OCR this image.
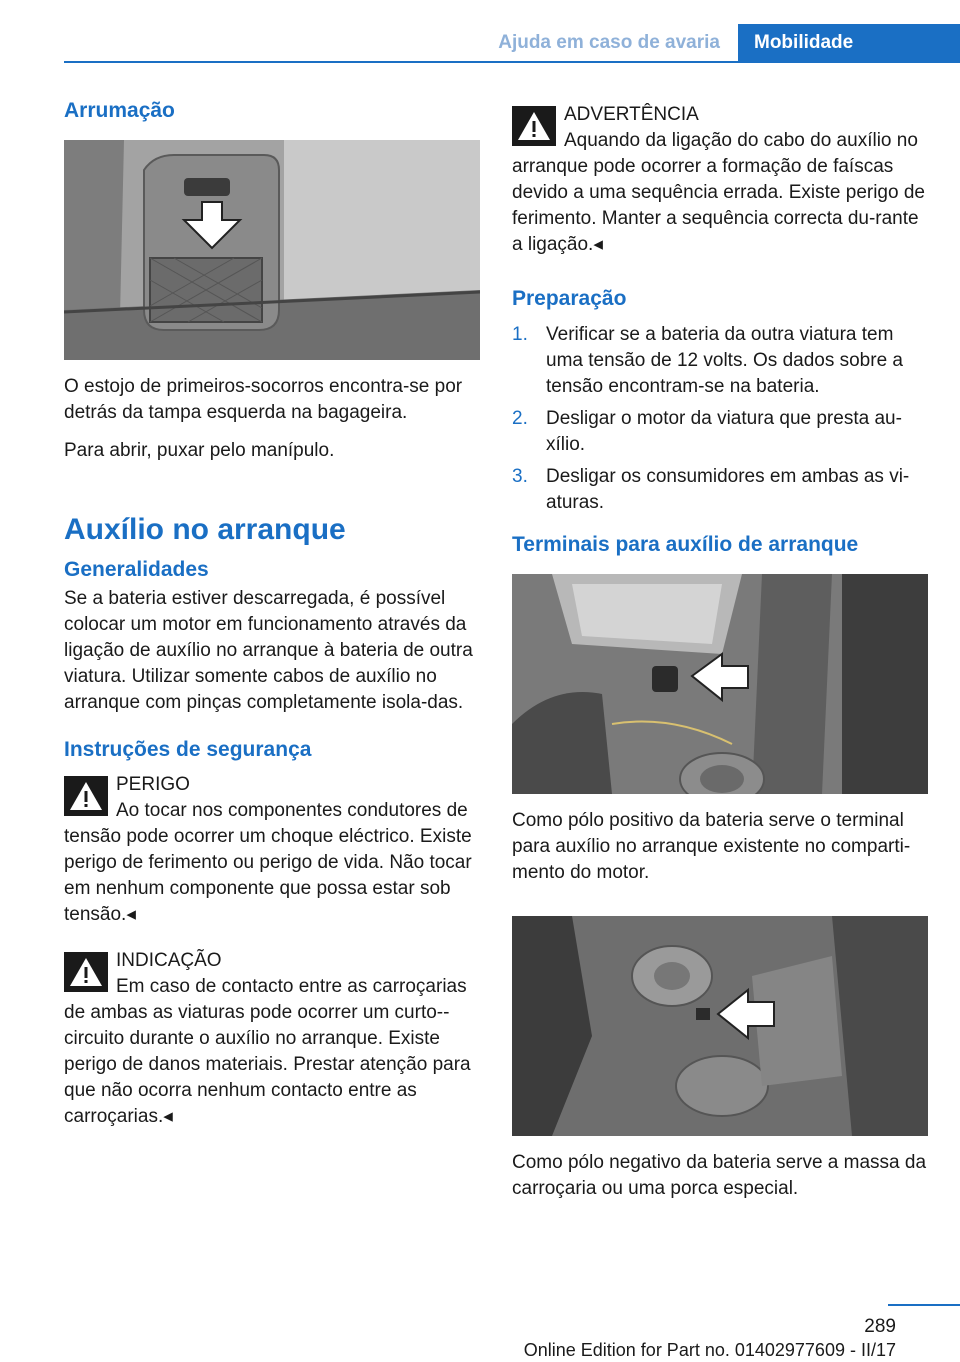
Ajuda em caso de avaria	Mobilidade
Arrumação

O estojo de primeiros-socorros encontra-se por detrás da tampa esquerda na bagageira.

Para abrir, puxar pelo manípulo.

Auxílio no arranque
Generalidades

Se a bateria estiver descarregada, é possível colocar um motor em funcionamento através da ligação de auxílio no arranque à bateria de outra viatura. Utilizar somente cabos de auxílio no arranque com pinças completamente isola-das.

Instruções de segurança

PERIGO

Ao tocar nos componentes condutores de tensão pode ocorrer um choque eléctrico. Existe perigo de ferimento ou perigo de vida. Não tocar em nenhum componente que possa estar sob tensão.◂

INDICAÇÃO

Em caso de contacto entre as carroçarias de ambas as viaturas pode ocorrer um curto--circuito durante o auxílio no arranque. Existe perigo de danos materiais. Prestar atenção para que não ocorra nenhum contacto entre as carroçarias.◂

ADVERTÊNCIA

Aquando da ligação do cabo do auxílio no arranque pode ocorrer a formação de faíscas devido a uma sequência errada. Existe perigo de ferimento. Manter a sequência correcta du-rante a ligação.◂

Preparação
1. Verificar se a bateria da outra viatura tem uma tensão de 12 volts. Os dados sobre a tensão encontram-se na bateria.
2. Desligar o motor da viatura que presta au-xílio.
3. Desligar os consumidores em ambas as vi-aturas.
Terminais para auxílio de arranque

Como pólo positivo da bateria serve o terminal para auxílio no arranque existente no comparti-mento do motor.

Como pólo negativo da bateria serve a massa da carroçaria ou uma porca especial.

289
Online Edition for Part no. 01402977609 - II/17
